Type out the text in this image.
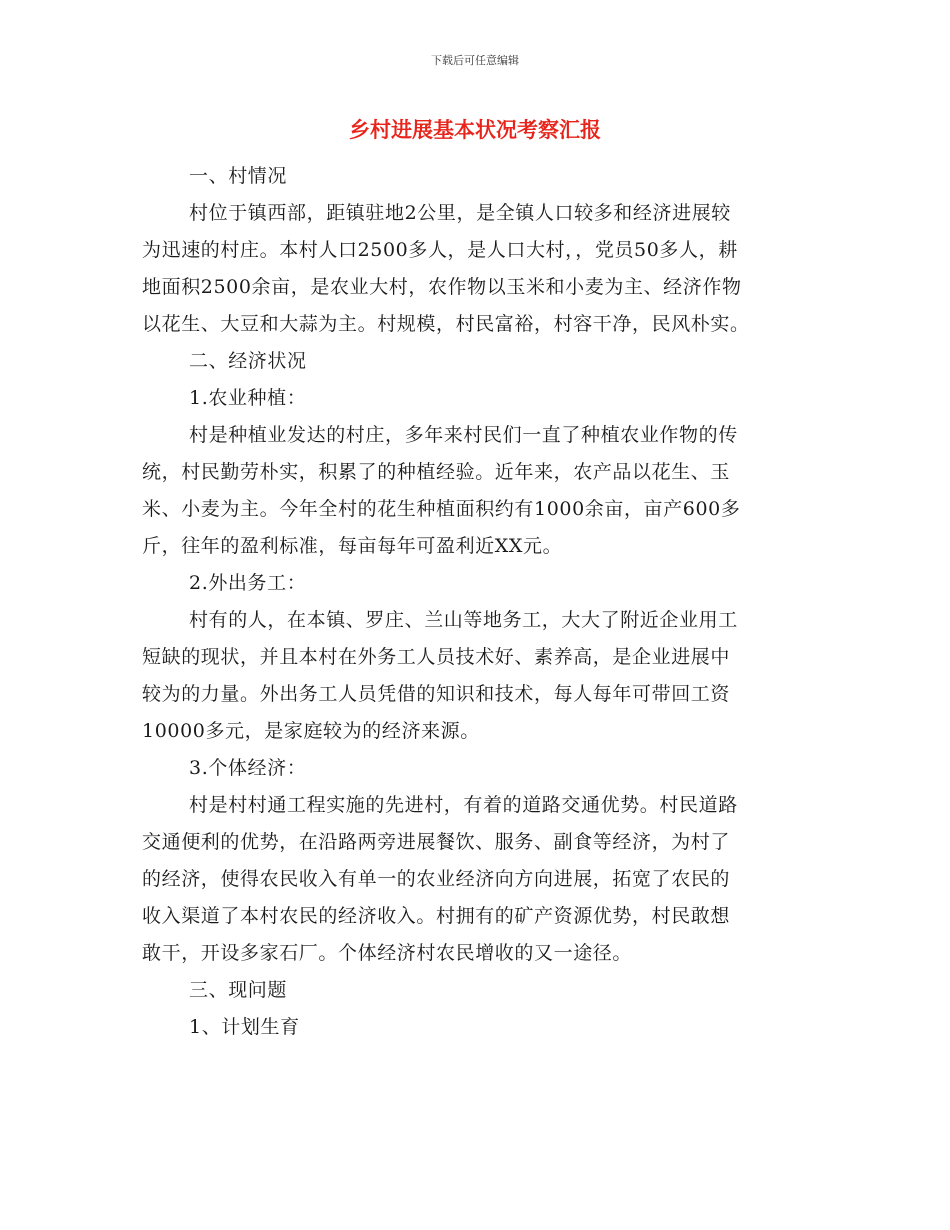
下载后可任意编辑
乡村进展基本状况考察汇报
一、村情况
村位于镇西部，距镇驻地2公里，是全镇人口较多和经济进展较
为迅速的村庄。本村人口2500多人，是人口大村，，党员50多人，耕
地面积2500余亩，是农业大村，农作物以玉米和小麦为主、经济作物
以花生、大豆和大蒜为主。村规模，村民富裕，村容干净，民风朴实。
二、经济状况
1.农业种植：
村是种植业发达的村庄，多年来村民们一直了种植农业作物的传
统，村民勤劳朴实，积累了的种植经验。近年来，农产品以花生、玉
米、小麦为主。今年全村的花生种植面积约有1000余亩，亩产600多
斤，往年的盈利标准，每亩每年可盈利近XX元。
2.外出务工：
村有的人，在本镇、罗庄、兰山等地务工，大大了附近企业用工
短缺的现状，并且本村在外务工人员技术好、素养高，是企业进展中
较为的力量。外出务工人员凭借的知识和技术，每人每年可带回工资
10000多元，是家庭较为的经济来源。
3.个体经济：
村是村村通工程实施的先进村，有着的道路交通优势。村民道路
交通便利的优势，在沿路两旁进展餐饮、服务、副食等经济，为村了
的经济，使得农民收入有单一的农业经济向方向进展，拓宽了农民的
收入渠道了本村农民的经济收入。村拥有的矿产资源优势，村民敢想
敢干，开设多家石厂。个体经济村农民增收的又一途径。
三、现问题
1、计划生育
